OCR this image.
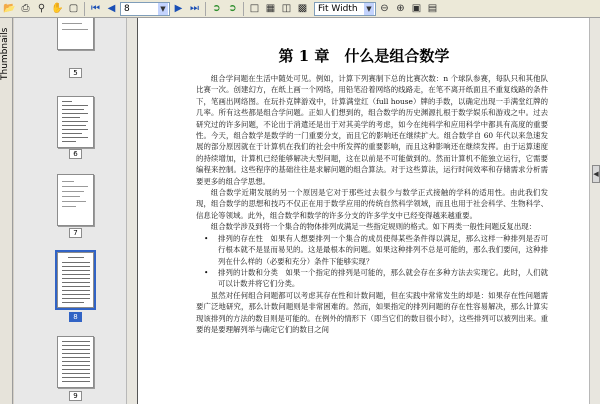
📂 ⎙ ⚲ ✋ ▢	⏮ ◀ 8	▼ ▶ ⏭	➲ ➲	□ ▦ ◫ ▩	Fit Width	▼ ⊖ ⊕ ▣ ▤
Thumbnails	5
6
7
8
9
第 1 章　什么是组合数学

组合学问题在生活中随处可见。例如，计算下列赛制下总的比赛次数：n 个球队参赛，每队只和其他队比赛一次。创建幻方，在纸上画一个网络，用铅笔沿着网络的线路走，在笔不离开纸面且不重复线路的条件下，笔画出网络图。在玩扑克牌游戏中，计算满堂红（full house）牌的手数，以确定出现一手满堂红牌的几率。所有这些都是组合学问题。正如人们想到的，组合数学的历史渊源扎根于数学娱乐和游戏之中。过去研究过的许多问题，不论出于消遣还是出于对其美学的考虑，如今在纯科学和应用科学中都具有高度的重要性。今天，组合数学是数学的一门重要分支，而且它的影响还在继续扩大。组合数学自 60 年代以来急速发展的部分原因就在于计算机在我们的社会中所发挥的重要影响，而且这种影响还在继续发挥。由于运算速度的持续增加，计算机已经能够解决大型问题，这在以前是不可能做到的。然而计算机不能独立运行，它需要编程来控制。这些程序的基础往往是求解问题的组合算法。对于这些算法，运行时间效率和存储需求分析需要更多的组合学思想。

组合数学近期发展的另一个原因是它对于那些过去很少与数学正式接触的学科的适用性。由此我们发现，组合数学的思想和技巧不仅正在用于数学应用的传统自然科学领域，而且也用于社会科学、生物科学、信息论等领域。此外，组合数学和数学的许多分支的许多学支中已经变得越来越重要。

组合数学涉及到将一个集合的物体排列成满足一些指定规则的格式。如下两类一般性问题反复出现：

• 排列的存在性　如果有人想要排列一个集合的成员使得某些条件得以满足，那么这样一种排列是否可行根本就不是显而易见的。这是最根本的问题。如果这种排列不总是可能的，那么我们要问，这种排列在什么样的（必要和充分）条件下能够实现？
• 排列的计数和分类　如果一个指定的排列是可能的，那么就会存在多种方法去实现它。此时，人们就可以计数并将它们分类。

虽然对任何组合问题都可以考虑其存在性和计数问题，但在实践中常常发生的却是：如果存在性问题需要广泛地研究，那么计数问题则是非常困难的。然而，如果指定的排列问题的存在性容易解决，那么计算实现该排列的方法的数目则是可能的。在例外的情形下（即当它们的数目很小时），这些排列可以被列出来。重要的是要理解列举与确定它们的数目之间

◀
